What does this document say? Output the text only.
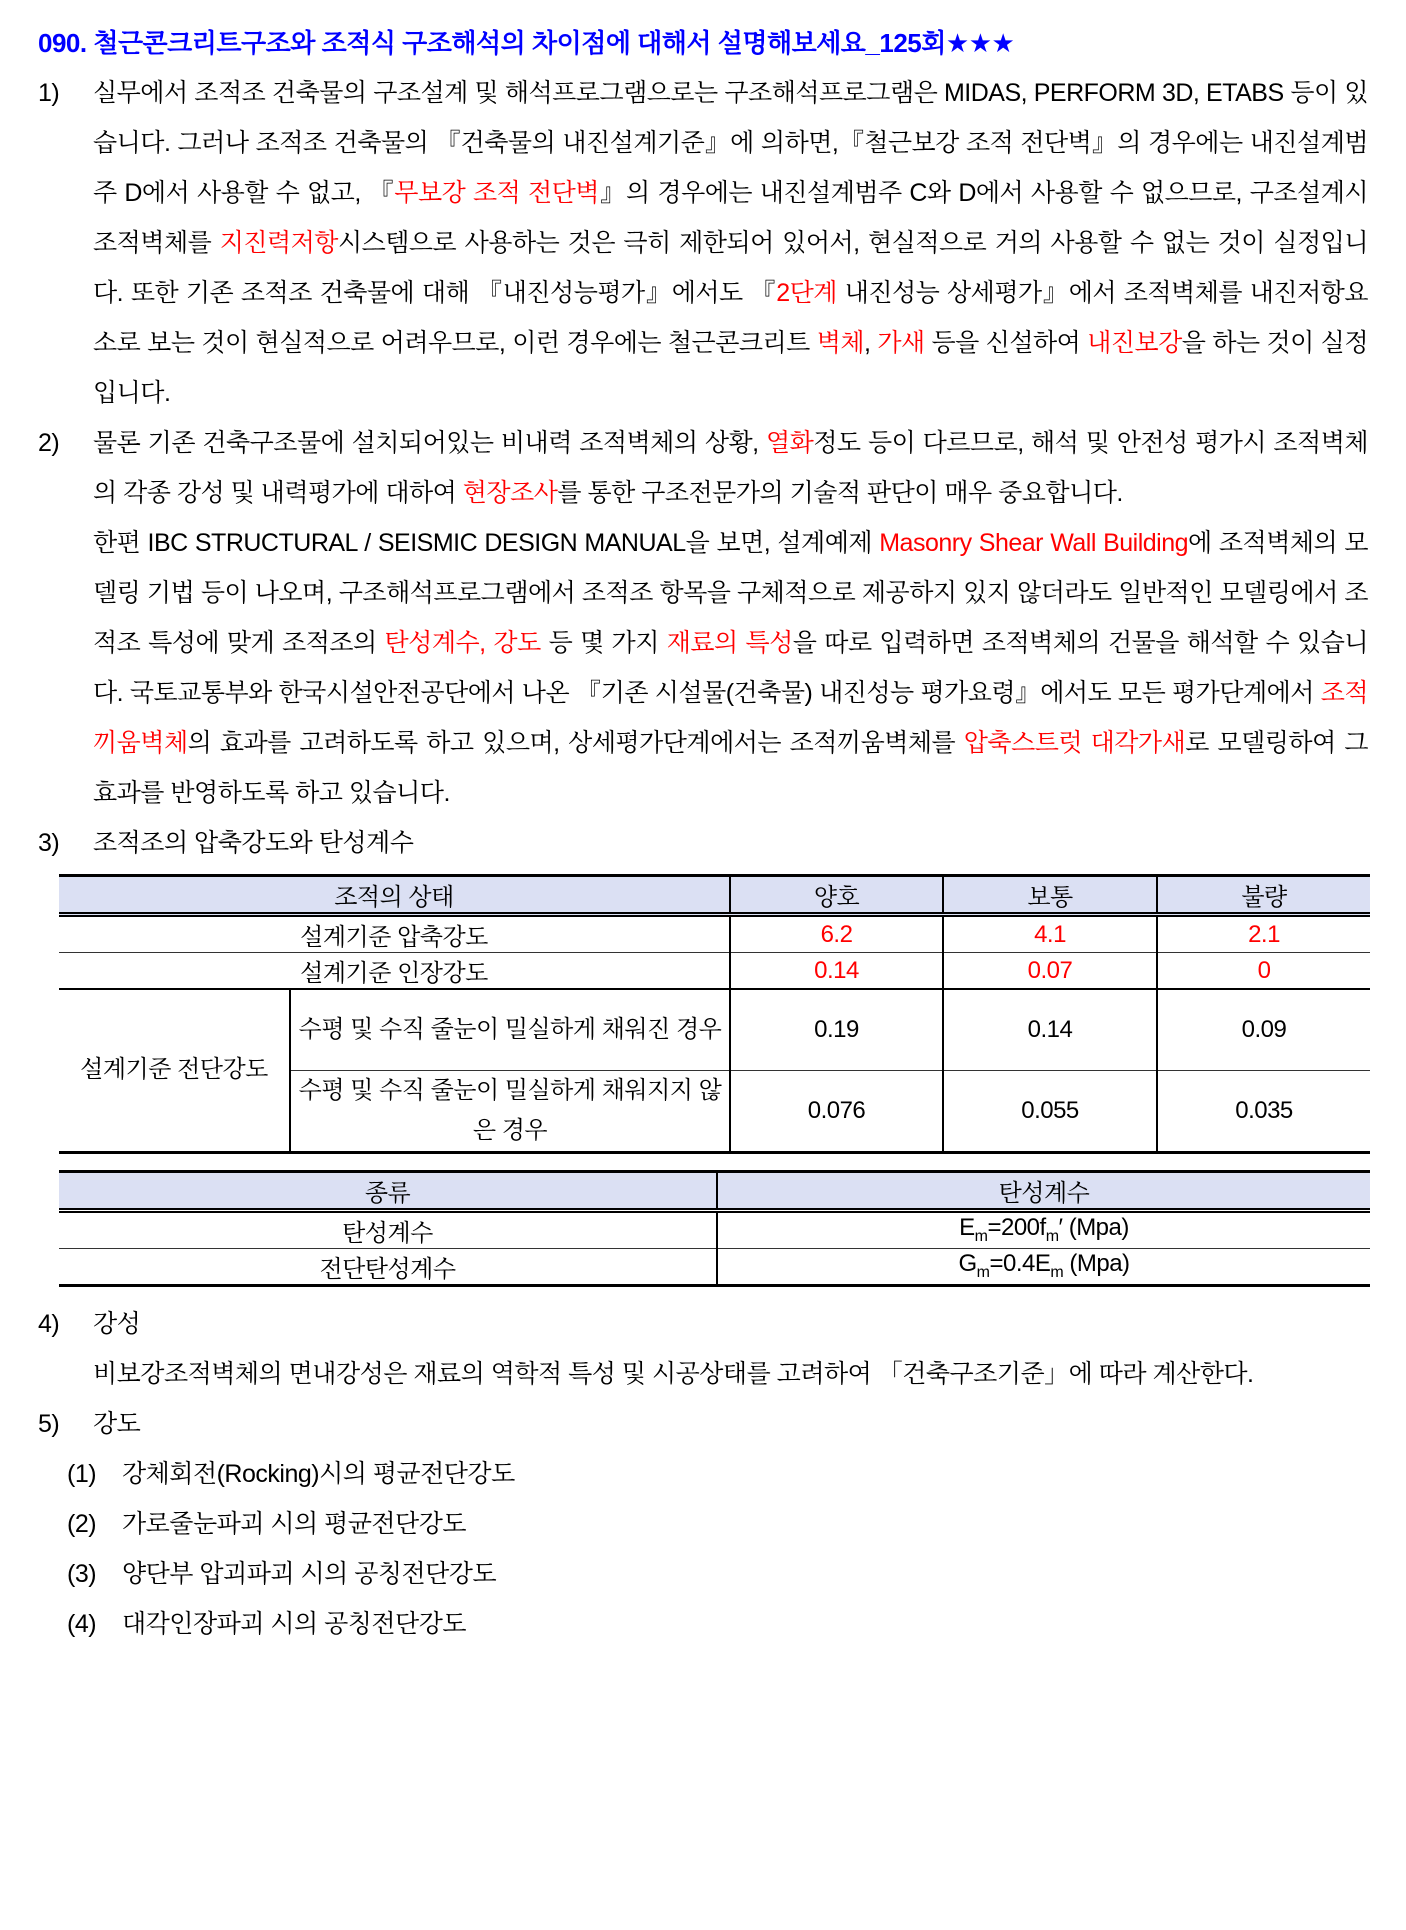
090. 철근콘크리트구조와 조적식 구조해석의 차이점에 대해서 설명해보세요_125회★★★
1) 실무에서 조적조 건축물의 구조설계 및 해석프로그램으로는 구조해석프로그램은 MIDAS, PERFORM 3D, ETABS 등이 있습니다. 그러나 조적조 건축물의 『건축물의 내진설계기준』에 의하면,『철근보강 조적 전단벽』의 경우에는 내진설계범주 D에서 사용할 수 없고, 『무보강 조적 전단벽』의 경우에는 내진설계범주 C와 D에서 사용할 수 없으므로, 구조설계시 조적벽체를 지진력저항시스템으로 사용하는 것은 극히 제한되어 있어서, 현실적으로 거의 사용할 수 없는 것이 실정입니다. 또한 기존 조적조 건축물에 대해 『내진성능평가』에서도 『2단계 내진성능 상세평가』에서 조적벽체를 내진저항요소로 보는 것이 현실적으로 어려우므로, 이런 경우에는 철근콘크리트 벽체, 가새 등을 신설하여 내진보강을 하는 것이 실정입니다.
2) 물론 기존 건축구조물에 설치되어있는 비내력 조적벽체의 상황, 열화정도 등이 다르므로, 해석 및 안전성 평가시 조적벽체의 각종 강성 및 내력평가에 대하여 현장조사를 통한 구조전문가의 기술적 판단이 매우 중요합니다.
한편 IBC STRUCTURAL / SEISMIC DESIGN MANUAL을 보면, 설계예제 Masonry Shear Wall Building에 조적벽체의 모델링 기법 등이 나오며, 구조해석프로그램에서 조적조 항목을 구체적으로 제공하지 있지 않더라도 일반적인 모델링에서 조적조 특성에 맞게 조적조의 탄성계수, 강도 등 몇 가지 재료의 특성을 따로 입력하면 조적벽체의 건물을 해석할 수 있습니다. 국토교통부와 한국시설안전공단에서 나온 『기존 시설물(건축물) 내진성능 평가요령』에서도 모든 평가단계에서 조적끼움벽체의 효과를 고려하도록 하고 있으며, 상세평가단계에서는 조적끼움벽체를 압축스트럿 대각가새로 모델링하여 그 효과를 반영하도록 하고 있습니다.
3) 조적조의 압축강도와 탄성계수
조적의 상태		양호	보통	불량
설계기준 압축강도		6.2	4.1	2.1
설계기준 인장강도		0.14	0.07	0
설계기준 전단강도	수평 및 수직 줄눈이 밀실하게 채워진 경우	0.19	0.14	0.09
	수평 및 수직 줄눈이 밀실하게 채워지지 않은 경우	0.076	0.055	0.035
종류	탄성계수
탄성계수	$E_m=200f_m'$ (Mpa)
전단탄성계수	$G_m=0.4E_m$ (Mpa)
4) 강성
비보강조적벽체의 면내강성은 재료의 역학적 특성 및 시공상태를 고려하여 「건축구조기준」에 따라 계산한다.
5) 강도
(1) 강체회전(Rocking)시의 평균전단강도
(2) 가로줄눈파괴 시의 평균전단강도
(3) 양단부 압괴파괴 시의 공칭전단강도
(4) 대각인장파괴 시의 공칭전단강도
